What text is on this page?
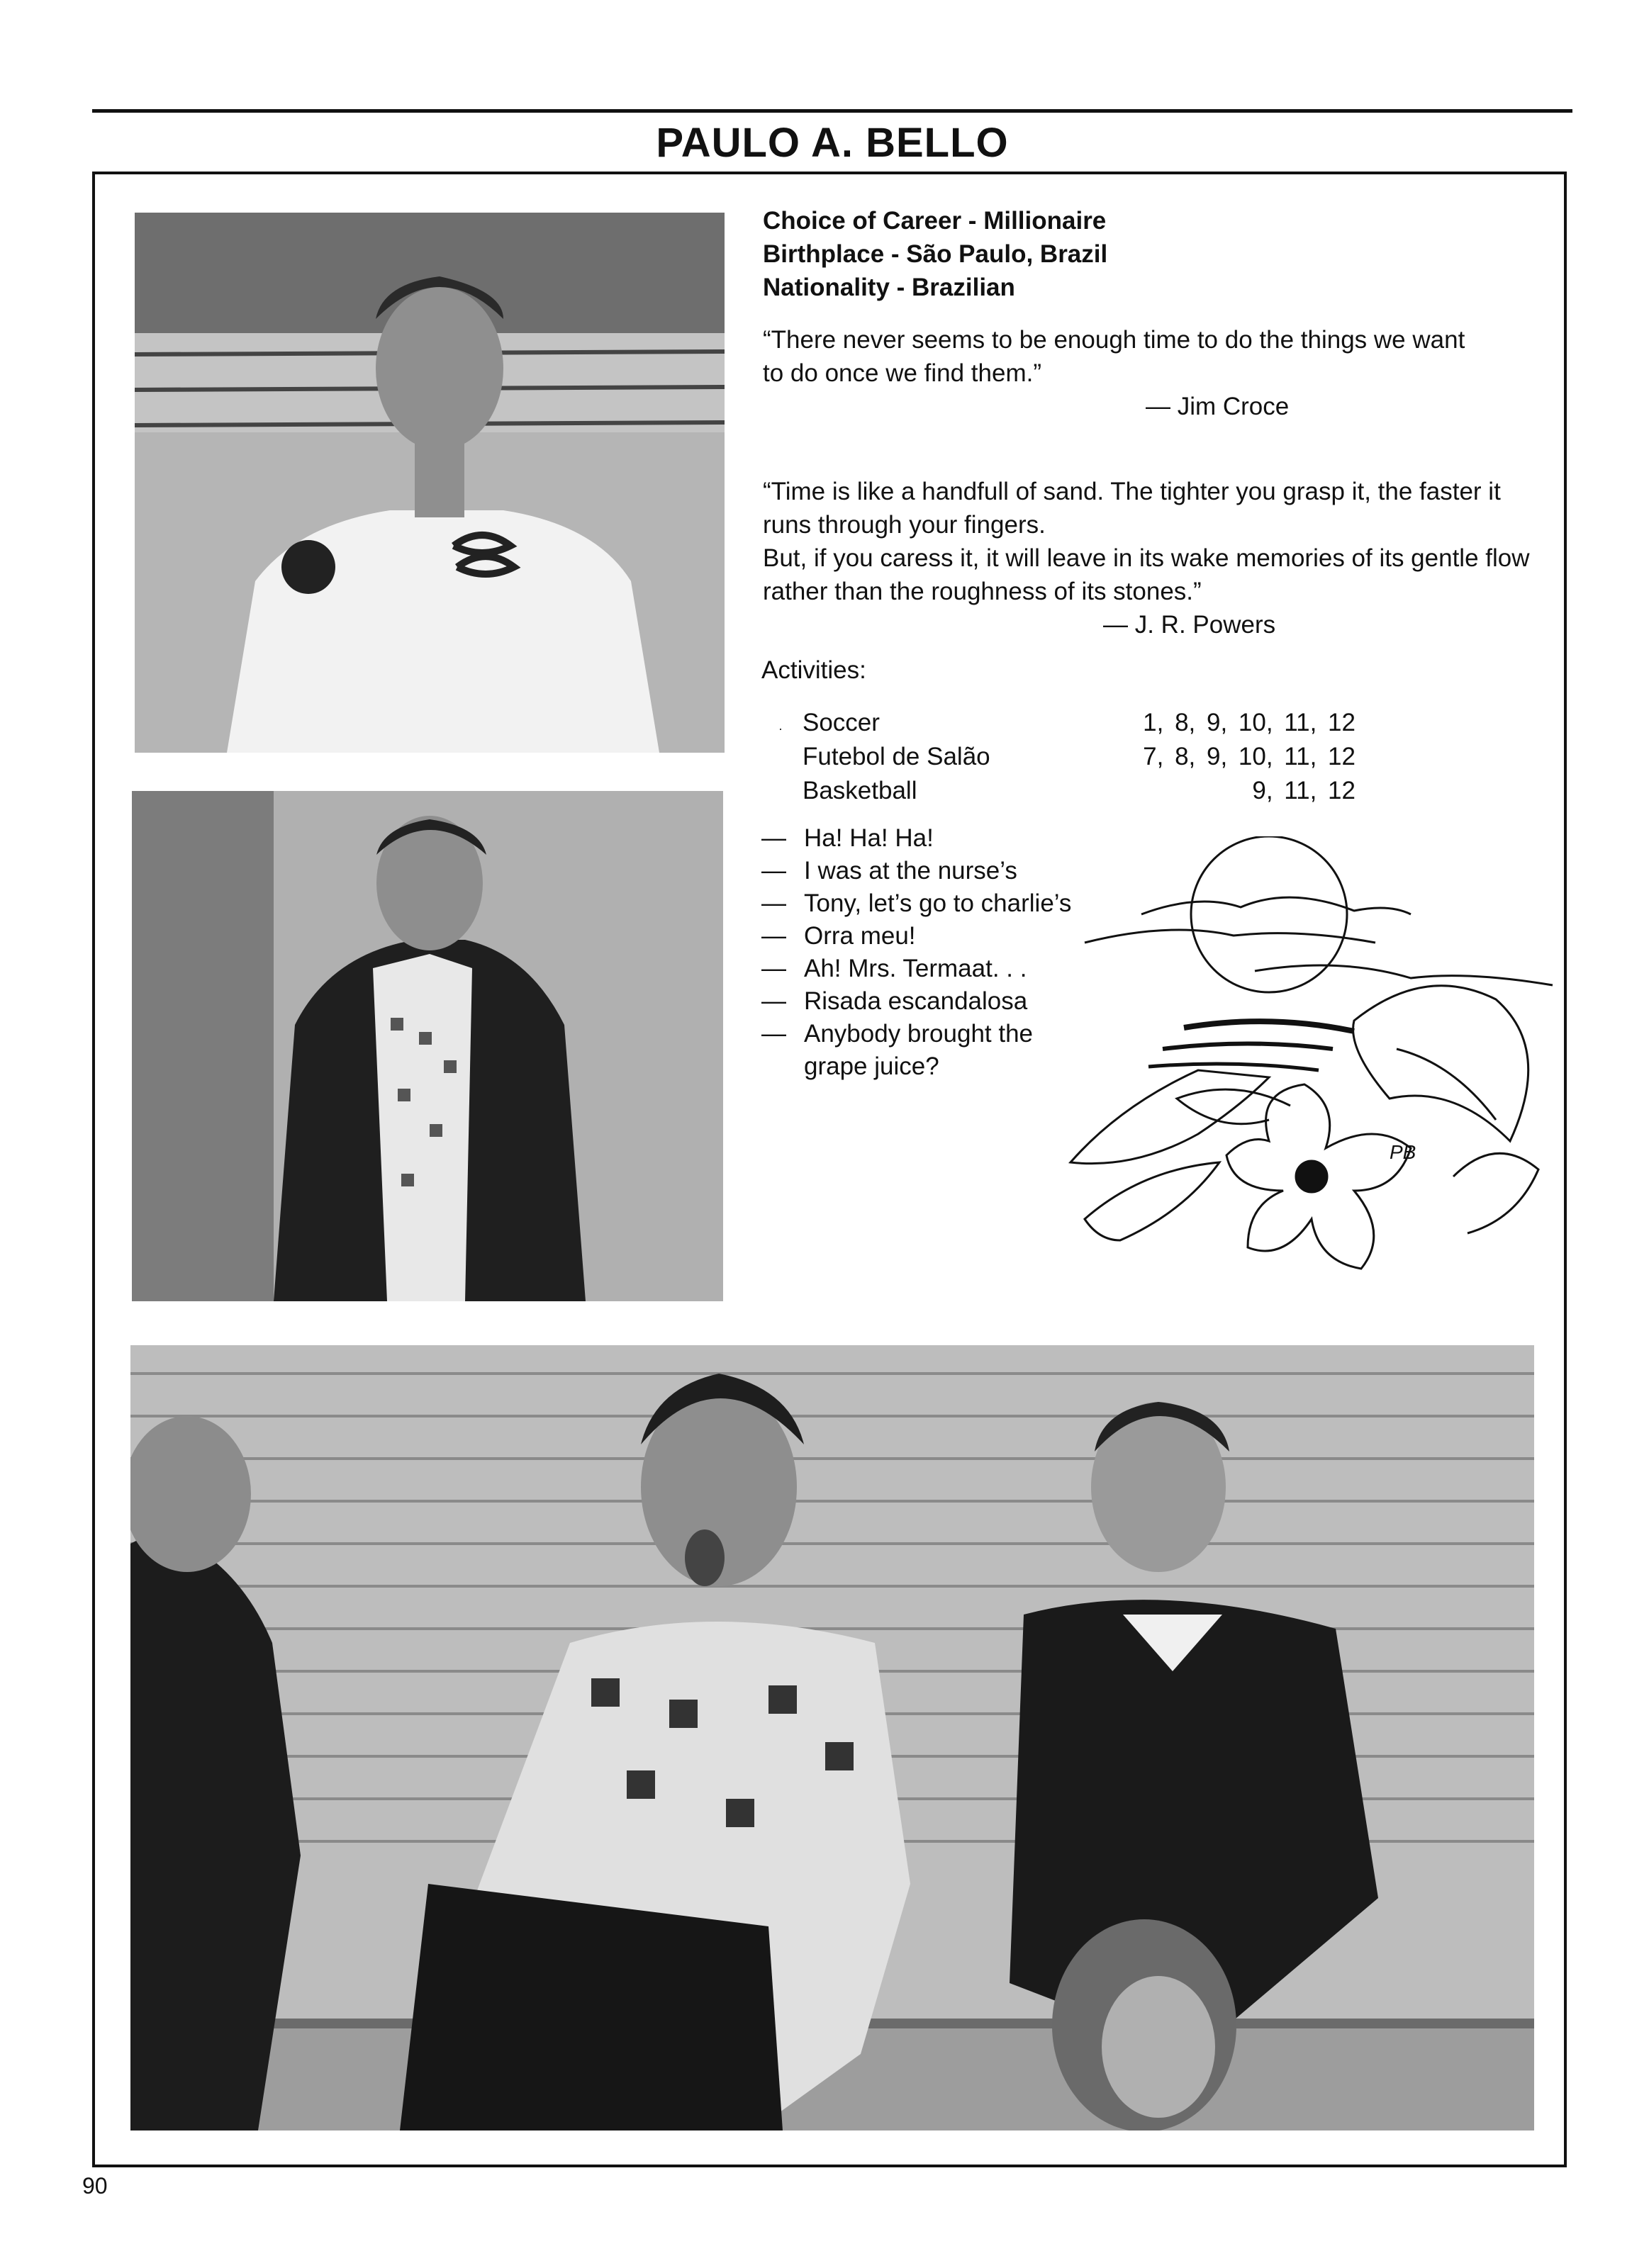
PAULO A. BELLO
Choice of Career - Millionaire
Birthplace - São Paulo, Brazil
Nationality - Brazilian
“There never seems to be enough time to do the things we want
to do once we find them.”
— Jim Croce
“Time is like a handfull of sand. The tighter you grasp it, the faster it runs through your fingers.
But, if you caress it, it will leave in its wake memories of its gentle flow rather than the roughness of its stones.”
— J. R. Powers
Activities:
· Soccer	1, 8, 9, 10, 11, 12
Futebol de Salão	7, 8, 9, 10, 11, 12
Basketball	9, 11, 12
— Ha! Ha! Ha!
— I was at the nurse’s
— Tony, let’s go to charlie’s
— Orra meu!
— Ah! Mrs. Termaat. . .
— Risada escandalosa
— Anybody brought the
grape juice?
PB
90
